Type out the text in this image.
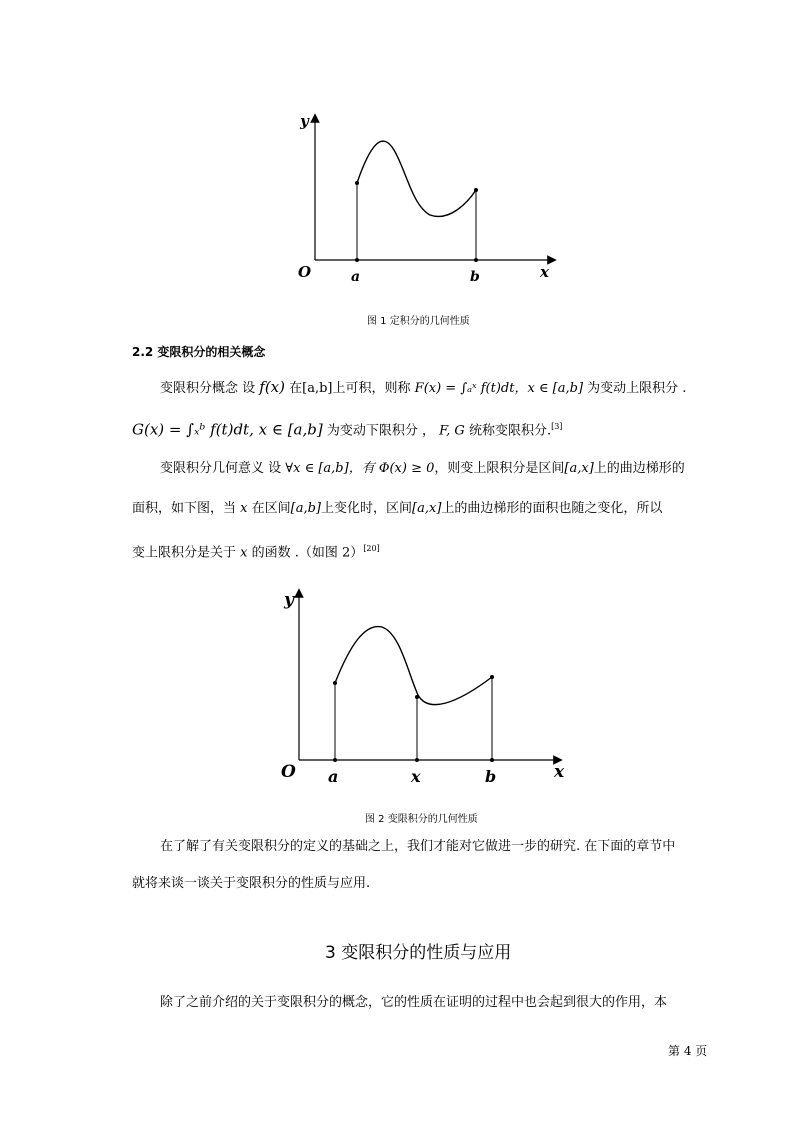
y
O	a	b	x
图 1 定积分的几何性质
2.2 变限积分的相关概念
变限积分概念 设 f(x) 在[a,b]上可积，则称 F(x) = ∫ₐˣ f(t)dt，x ∈ [a,b] 为变动上限积分 .
G(x) = ∫ₓᵇ f(t)dt, x ∈ [a,b] 为变动下限积分 ， F, G 统称变限积分.[3]
变限积分几何意义 设 ∀x ∈ [a,b]，有 Φ(x) ≥ 0，则变上限积分是区间[a,x]上的曲边梯形的
面积，如下图，当 x 在区间[a,b]上变化时，区间[a,x]上的曲边梯形的面积也随之变化，所以
变上限积分是关于 x 的函数 .（如图 2）[20]
y
O a	x	b	x
图 2 变限积分的几何性质
在了解了有关变限积分的定义的基础之上，我们才能对它做进一步的研究. 在下面的章节中
就将来谈一谈关于变限积分的性质与应用.
3 变限积分的性质与应用
除了之前介绍的关于变限积分的概念，它的性质在证明的过程中也会起到很大的作用，本
第 4 页
